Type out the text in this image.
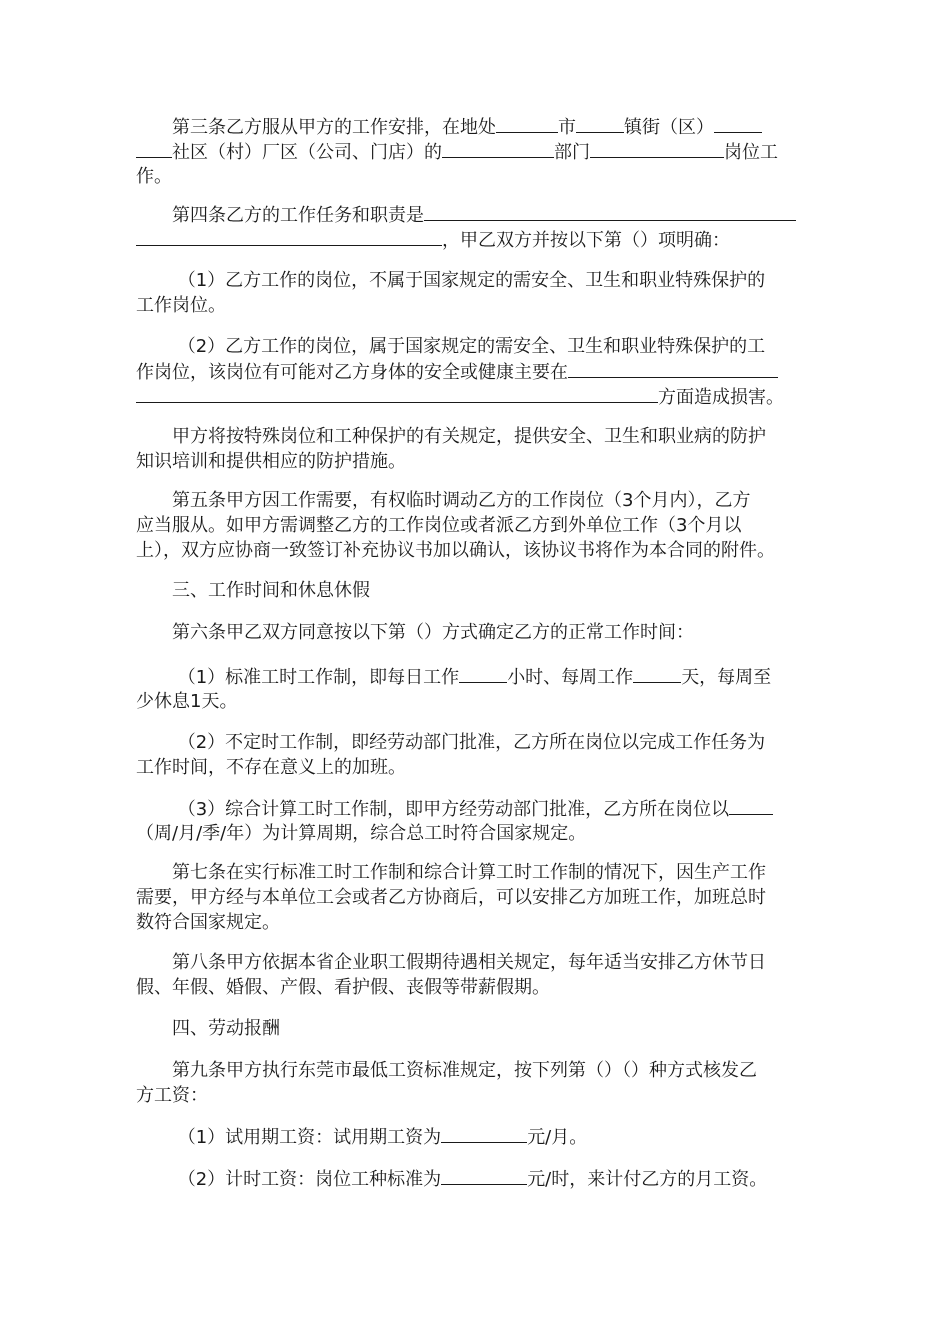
　　第三条乙方服从甲方的工作安排，在地处	市	镇街（区）
社区（村）厂区（公司、门店）的	部门	岗位工
作。
　　第四条乙方的工作任务和职责是
，甲乙双方并按以下第（）项明确：
　　 （1）乙方工作的岗位，不属于国家规定的需安全、卫生和职业特殊保护的
工作岗位。
　　 （2）乙方工作的岗位，属于国家规定的需安全、卫生和职业特殊保护的工
作岗位，该岗位有可能对乙方身体的安全或健康主要在
方面造成损害。
　　甲方将按特殊岗位和工种保护的有关规定，提供安全、卫生和职业病的防护
知识培训和提供相应的防护措施。
　　第五条甲方因工作需要，有权临时调动乙方的工作岗位（3个月内），乙方
应当服从。如甲方需调整乙方的工作岗位或者派乙方到外单位工作（3个月以
上），双方应协商一致签订补充协议书加以确认，该协议书将作为本合同的附件。
　　三、工作时间和休息休假
　　第六条甲乙双方同意按以下第（）方式确定乙方的正常工作时间：
　　 （1）标准工时工作制，即每日工作	小时、每周工作	天，每周至
少休息1天。
　　 （2）不定时工作制，即经劳动部门批准，乙方所在岗位以完成工作任务为
工作时间，不存在意义上的加班。
　　 （3）综合计算工时工作制，即甲方经劳动部门批准，乙方所在岗位以
（周/月/季/年）为计算周期，综合总工时符合国家规定。
　　第七条在实行标准工时工作制和综合计算工时工作制的情况下，因生产工作
需要，甲方经与本单位工会或者乙方协商后，可以安排乙方加班工作，加班总时
数符合国家规定。
　　第八条甲方依据本省企业职工假期待遇相关规定，每年适当安排乙方休节日
假、年假、婚假、产假、看护假、丧假等带薪假期。
　　四、劳动报酬
　　第九条甲方执行东莞市最低工资标准规定，按下列第（）（）种方式核发乙
方工资：
　　 （1）试用期工资：试用期工资为	元/月。
　　 （2）计时工资：岗位工种标准为	元/时，来计付乙方的月工资。
